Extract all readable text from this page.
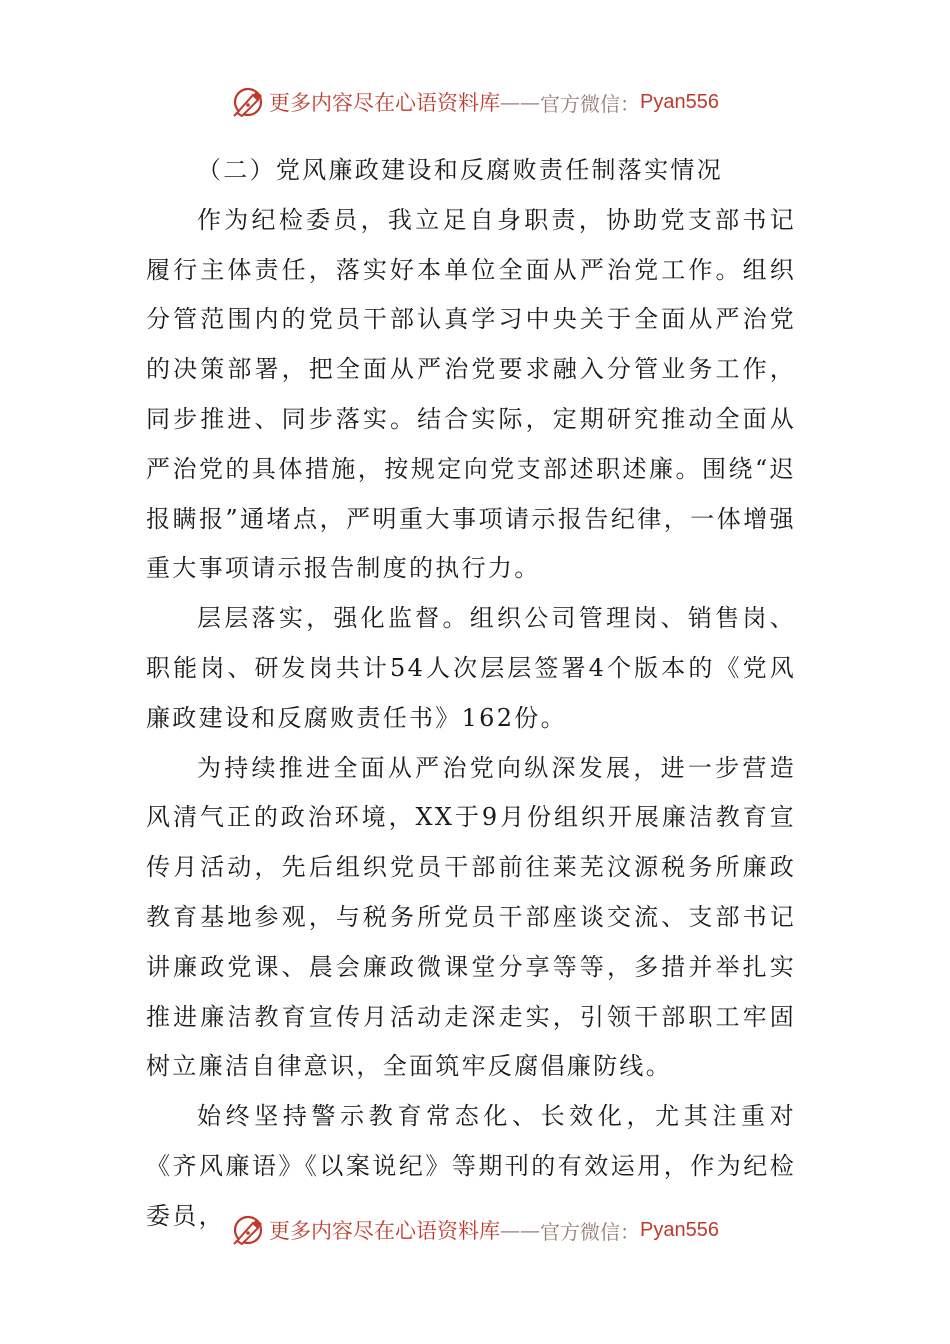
更多内容尽在心语资料库 —— 官方微信： Pyan556

（二）党风廉政建设和反腐败责任制落实情况

作为纪检委员，我立足自身职责，协助党支部书记履行主体责任，落实好本单位全面从严治党工作。组织分管范围内的党员干部认真学习中央关于全面从严治党的决策部署，把全面从严治党要求融入分管业务工作，同步推进、同步落实。结合实际，定期研究推动全面从严治党的具体措施，按规定向党支部述职述廉。围绕“迟报瞒报”通堵点，严明重大事项请示报告纪律，一体增强重大事项请示报告制度的执行力。

层层落实，强化监督。组织公司管理岗、销售岗、职能岗、研发岗共计54人次层层签署4个版本的《党风廉政建设和反腐败责任书》162份。

为持续推进全面从严治党向纵深发展，进一步营造风清气正的政治环境，XX于9月份组织开展廉洁教育宣传月活动，先后组织党员干部前往莱芜汶源税务所廉政教育基地参观，与税务所党员干部座谈交流、支部书记讲廉政党课、晨会廉政微课堂分享等等，多措并举扎实推进廉洁教育宣传月活动走深走实，引领干部职工牢固树立廉洁自律意识，全面筑牢反腐倡廉防线。

始终坚持警示教育常态化、长效化，尤其注重对《齐风廉语》《以案说纪》等期刊的有效运用，作为纪检委员，

更多内容尽在心语资料库 —— 官方微信： Pyan556
